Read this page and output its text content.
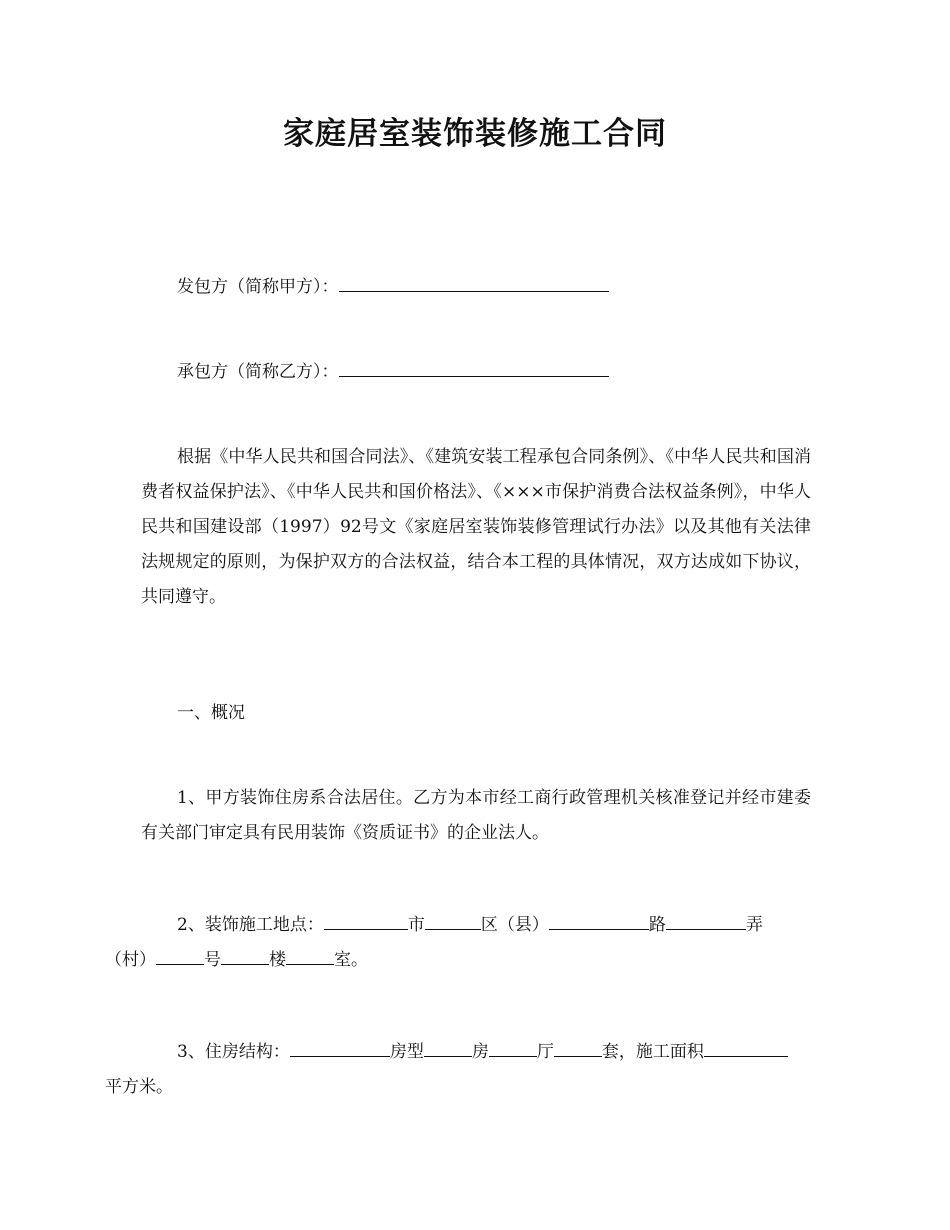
家庭居室装饰装修施工合同

发包方（简称甲方）：

承包方（简称乙方）：

根据《中华人民共和国合同法》、《建筑安装工程承包合同条例》、《中华人民共和国消费者权益保护法》、《中华人民共和国价格法》、《×××市保护消费合法权益条例》，中华人民共和国建设部（1997）92号文《家庭居室装饰装修管理试行办法》以及其他有关法律法规规定的原则，为保护双方的合法权益，结合本工程的具体情况，双方达成如下协议，共同遵守。

一、概况

1、甲方装饰住房系合法居住。乙方为本市经工商行政管理机关核准登记并经市建委有关部门审定具有民用装饰《资质证书》的企业法人。

2、装饰施工地点：	市	区（县）	路	弄
（村）	号	楼	室。

3、住房结构：	房型	房	厅	套，施工面积
平方米。
